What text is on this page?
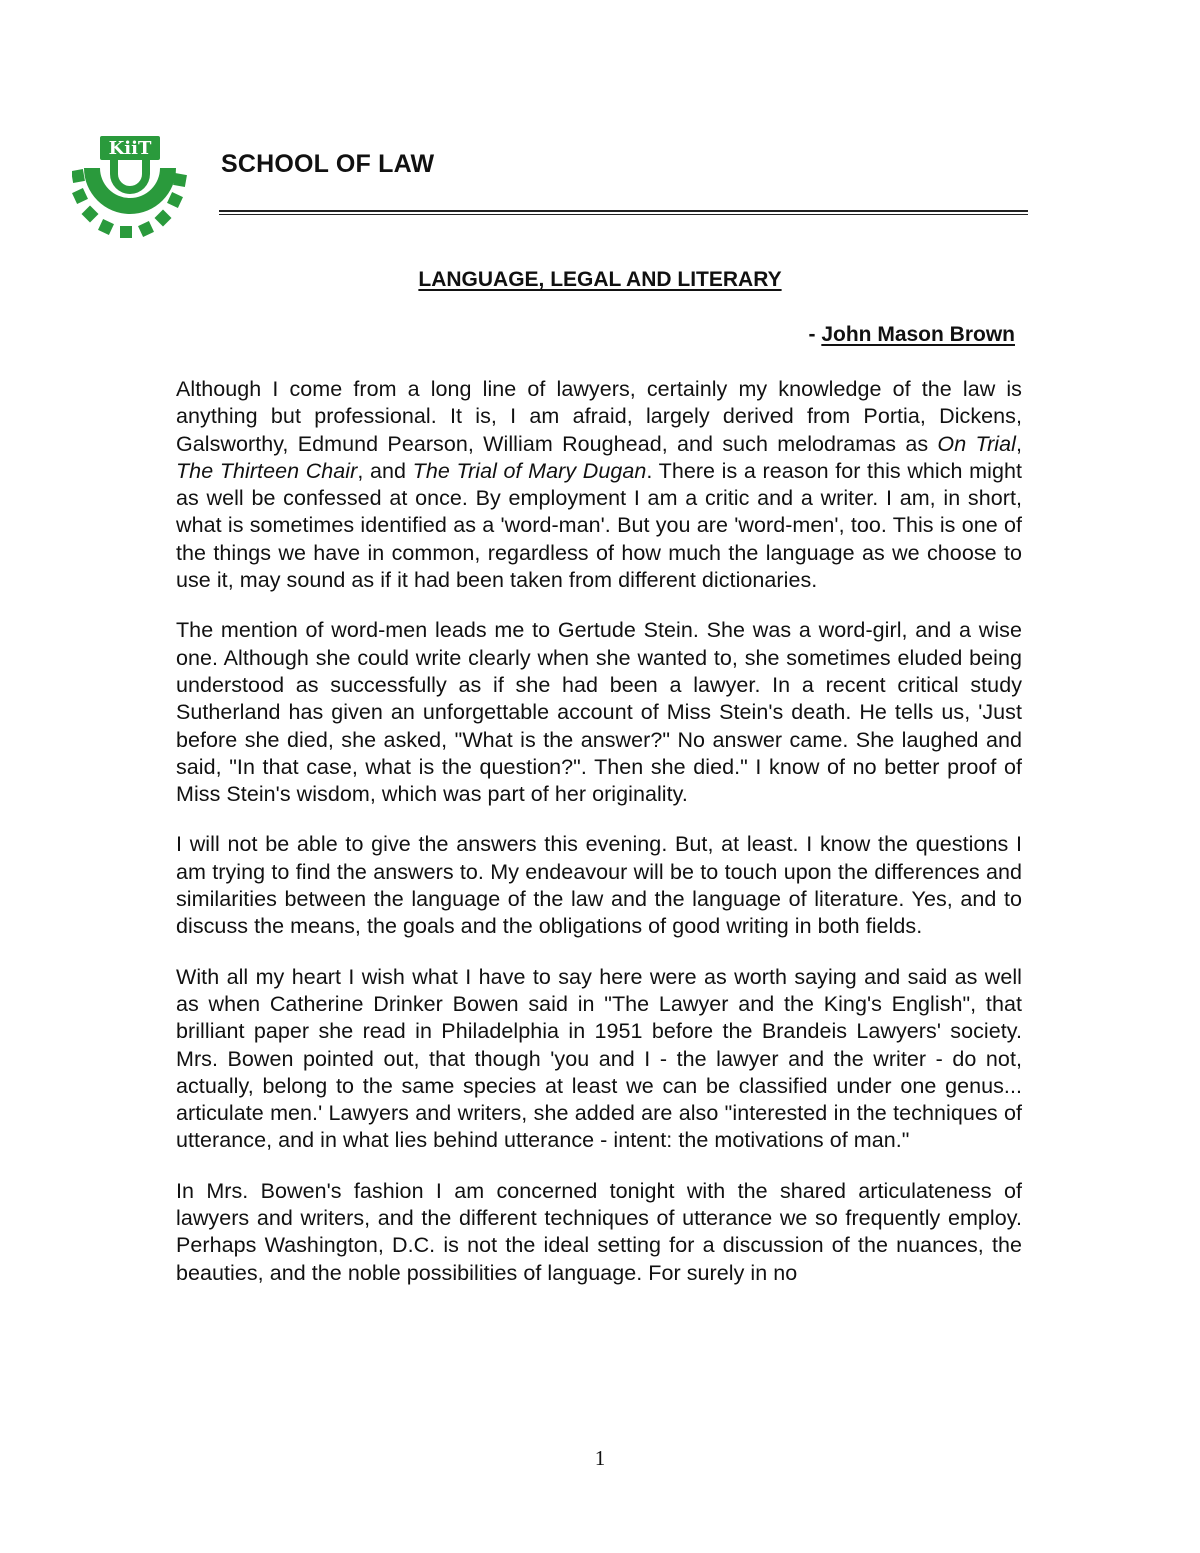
KiiT
SCHOOL OF LAW
LANGUAGE, LEGAL AND LITERARY
- John Mason Brown

Although I come from a long line of lawyers, certainly my knowledge of the law is anything but professional. It is, I am afraid, largely derived from Portia, Dickens, Galsworthy, Edmund Pearson, William Roughead, and such melodramas as On Trial, The Thirteen Chair, and The Trial of Mary Dugan. There is a reason for this which might as well be confessed at once. By employment I am a critic and a writer. I am, in short, what is sometimes identified as a 'word-man'. But you are 'word-men', too. This is one of the things we have in common, regardless of how much the language as we choose to use it, may sound as if it had been taken from different dictionaries.

The mention of word-men leads me to Gertude Stein. She was a word-girl, and a wise one. Although she could write clearly when she wanted to, she sometimes eluded being understood as successfully as if she had been a lawyer. In a recent critical study Sutherland has given an unforgettable account of Miss Stein's death. He tells us, 'Just before she died, she asked, "What is the answer?" No answer came. She laughed and said, "In that case, what is the question?". Then she died." I know of no better proof of Miss Stein's wisdom, which was part of her originality.

I will not be able to give the answers this evening. But, at least. I know the questions I am trying to find the answers to. My endeavour will be to touch upon the differences and similarities between the language of the law and the language of literature. Yes, and to discuss the means, the goals and the obligations of good writing in both fields.

With all my heart I wish what I have to say here were as worth saying and said as well as when Catherine Drinker Bowen said in "The Lawyer and the King's English", that brilliant paper she read in Philadelphia in 1951 before the Brandeis Lawyers' society. Mrs. Bowen pointed out, that though 'you and I - the lawyer and the writer - do not, actually, belong to the same species at least we can be classified under one genus... articulate men.' Lawyers and writers, she added are also "interested in the techniques of utterance, and in what lies behind utterance - intent: the motivations of man."

In Mrs. Bowen's fashion I am concerned tonight with the shared articulateness of lawyers and writers, and the different techniques of utterance we so frequently employ. Perhaps Washington, D.C. is not the ideal setting for a discussion of the nuances, the beauties, and the noble possibilities of language. For surely in no

1
